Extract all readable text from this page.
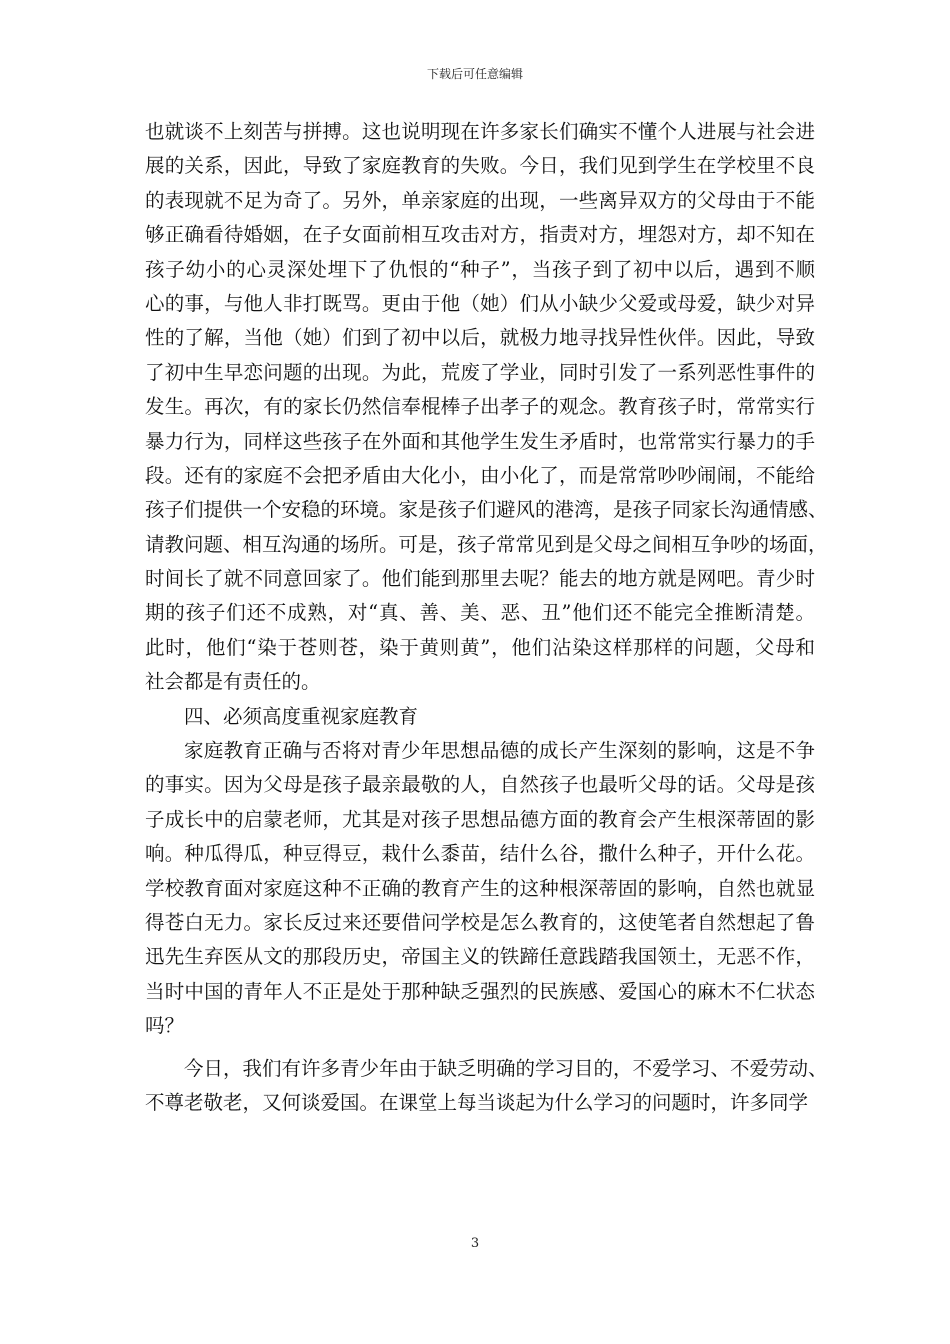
下载后可任意编辑
也就谈不上刻苦与拼搏。这也说明现在许多家长们确实不懂个人进展与社会进
展的关系，因此，导致了家庭教育的失败。今日，我们见到学生在学校里不良
的表现就不足为奇了。另外，单亲家庭的出现，一些离异双方的父母由于不能
够正确看待婚姻，在子女面前相互攻击对方，指责对方，埋怨对方，却不知在
孩子幼小的心灵深处埋下了仇恨的“种子”，当孩子到了初中以后，遇到不顺
心的事，与他人非打既骂。更由于他（她）们从小缺少父爱或母爱，缺少对异
性的了解，当他（她）们到了初中以后，就极力地寻找异性伙伴。因此，导致
了初中生早恋问题的出现。为此，荒废了学业，同时引发了一系列恶性事件的
发生。再次，有的家长仍然信奉棍棒子出孝子的观念。教育孩子时，常常实行
暴力行为，同样这些孩子在外面和其他学生发生矛盾时，也常常实行暴力的手
段。还有的家庭不会把矛盾由大化小，由小化了，而是常常吵吵闹闹，不能给
孩子们提供一个安稳的环境。家是孩子们避风的港湾，是孩子同家长沟通情感、
请教问题、相互沟通的场所。可是，孩子常常见到是父母之间相互争吵的场面，
时间长了就不同意回家了。他们能到那里去呢？能去的地方就是网吧。青少时
期的孩子们还不成熟，对“真、善、美、恶、丑”他们还不能完全推断清楚。
此时，他们“染于苍则苍，染于黄则黄”，他们沾染这样那样的问题，父母和
社会都是有责任的。
四、必须高度重视家庭教育
家庭教育正确与否将对青少年思想品德的成长产生深刻的影响，这是不争
的事实。因为父母是孩子最亲最敬的人，自然孩子也最听父母的话。父母是孩
子成长中的启蒙老师，尤其是对孩子思想品德方面的教育会产生根深蒂固的影
响。种瓜得瓜，种豆得豆，栽什么黍苗，结什么谷，撒什么种子，开什么花。
学校教育面对家庭这种不正确的教育产生的这种根深蒂固的影响，自然也就显
得苍白无力。家长反过来还要借问学校是怎么教育的，这使笔者自然想起了鲁
迅先生弃医从文的那段历史，帝国主义的铁蹄任意践踏我国领土，无恶不作，
当时中国的青年人不正是处于那种缺乏强烈的民族感、爱国心的麻木不仁状态
吗？
今日，我们有许多青少年由于缺乏明确的学习目的，不爱学习、不爱劳动、
不尊老敬老，又何谈爱国。在课堂上每当谈起为什么学习的问题时，许多同学
3
